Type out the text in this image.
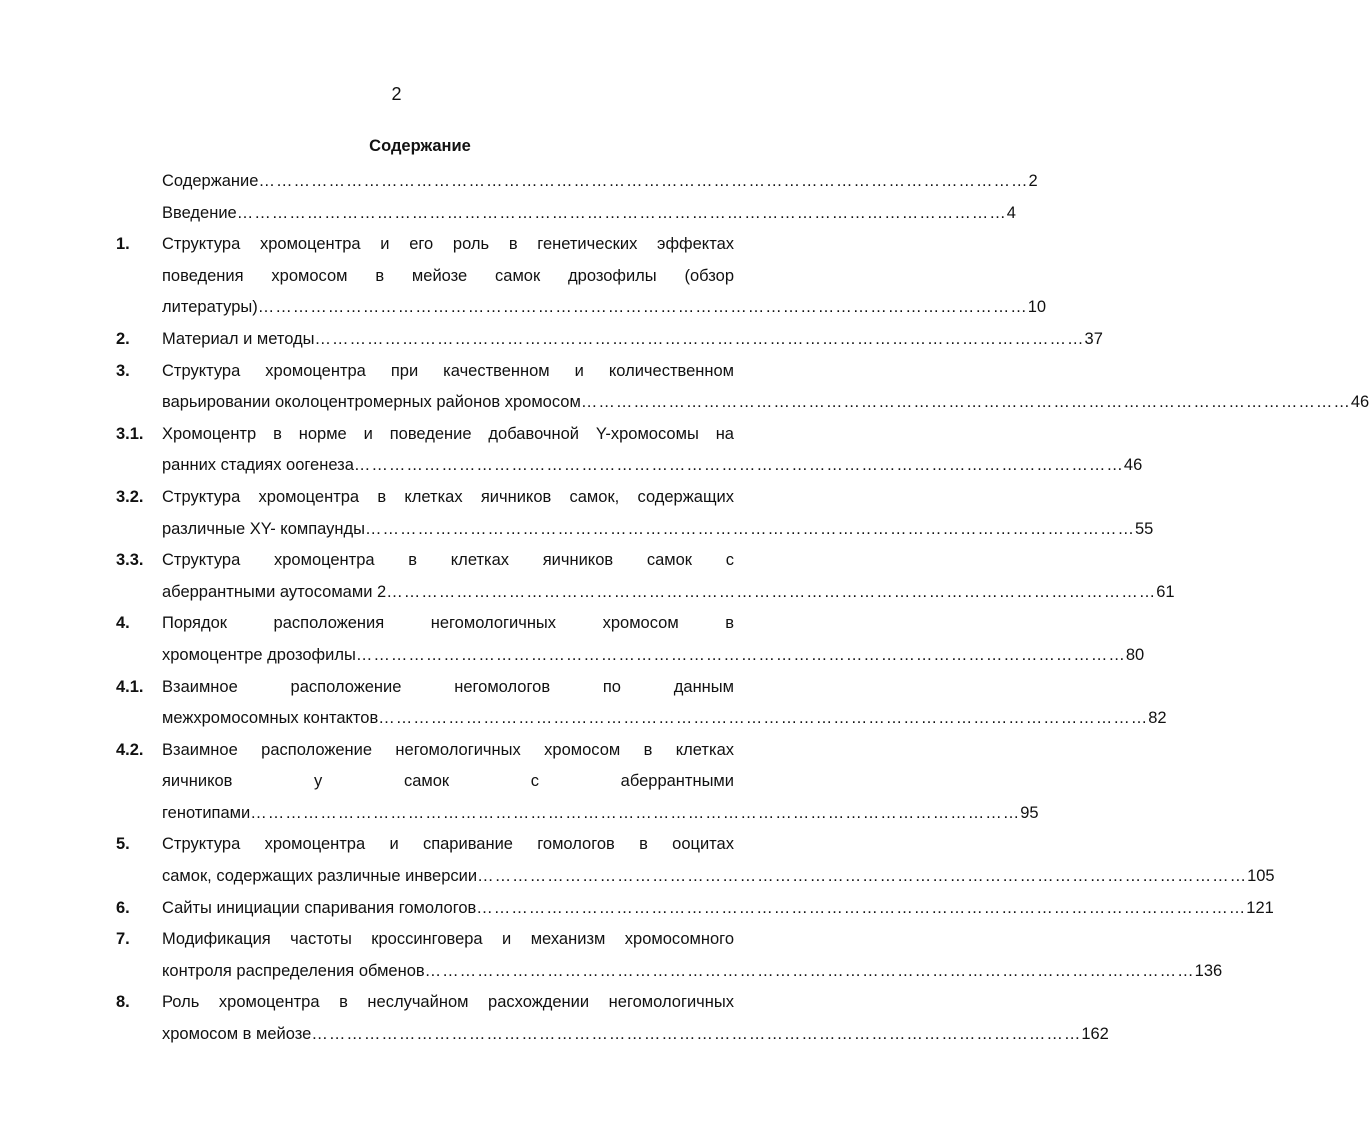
2
Содержание
Содержание …………………………………………………………………………………………………………………… 2
Введение …………………………………………………………………………………………………………………… 4
1. Структура хромоцентра и его роль в генетических эффектах
поведения хромосом в мейозе самок дрозофилы (обзор
литературы) …………………………………………………………………………………………………………………… 10
2. Материал и методы …………………………………………………………………………………………………………………… 37
3. Структура хромоцентра при качественном и количественном
варьировании околоцентромерных районов хромосом …………………………………………………………………………………………………………………… 46
3.1. Хромоцентр в норме и поведение добавочной Y-хромосомы на
ранних стадиях оогенеза …………………………………………………………………………………………………………………… 46
3.2. Структура хромоцентра в клетках яичников самок, содержащих
различные XY- компаунды …………………………………………………………………………………………………………………… 55
3.3. Структура хромоцентра в клетках яичников самок с
аберрантными аутосомами 2 …………………………………………………………………………………………………………………… 61
4. Порядок расположения негомологичных хромосом в
хромоцентре дрозофилы …………………………………………………………………………………………………………………… 80
4.1. Взаимное расположение негомологов по данным
межхромосомных контактов …………………………………………………………………………………………………………………… 82
4.2. Взаимное расположение негомологичных хромосом в клетках
яичников у самок с аберрантными
генотипами …………………………………………………………………………………………………………………… 95
5. Структура хромоцентра и спаривание гомологов в ооцитах
самок, содержащих различные инверсии …………………………………………………………………………………………………………………… 105
6. Сайты инициации спаривания гомологов …………………………………………………………………………………………………………………… 121
7. Модификация частоты кроссинговера и механизм хромосомного
контроля распределения обменов …………………………………………………………………………………………………………………… 136
8. Роль хромоцентра в неслучайном расхождении негомологичных
хромосом в мейозе …………………………………………………………………………………………………………………… 162
